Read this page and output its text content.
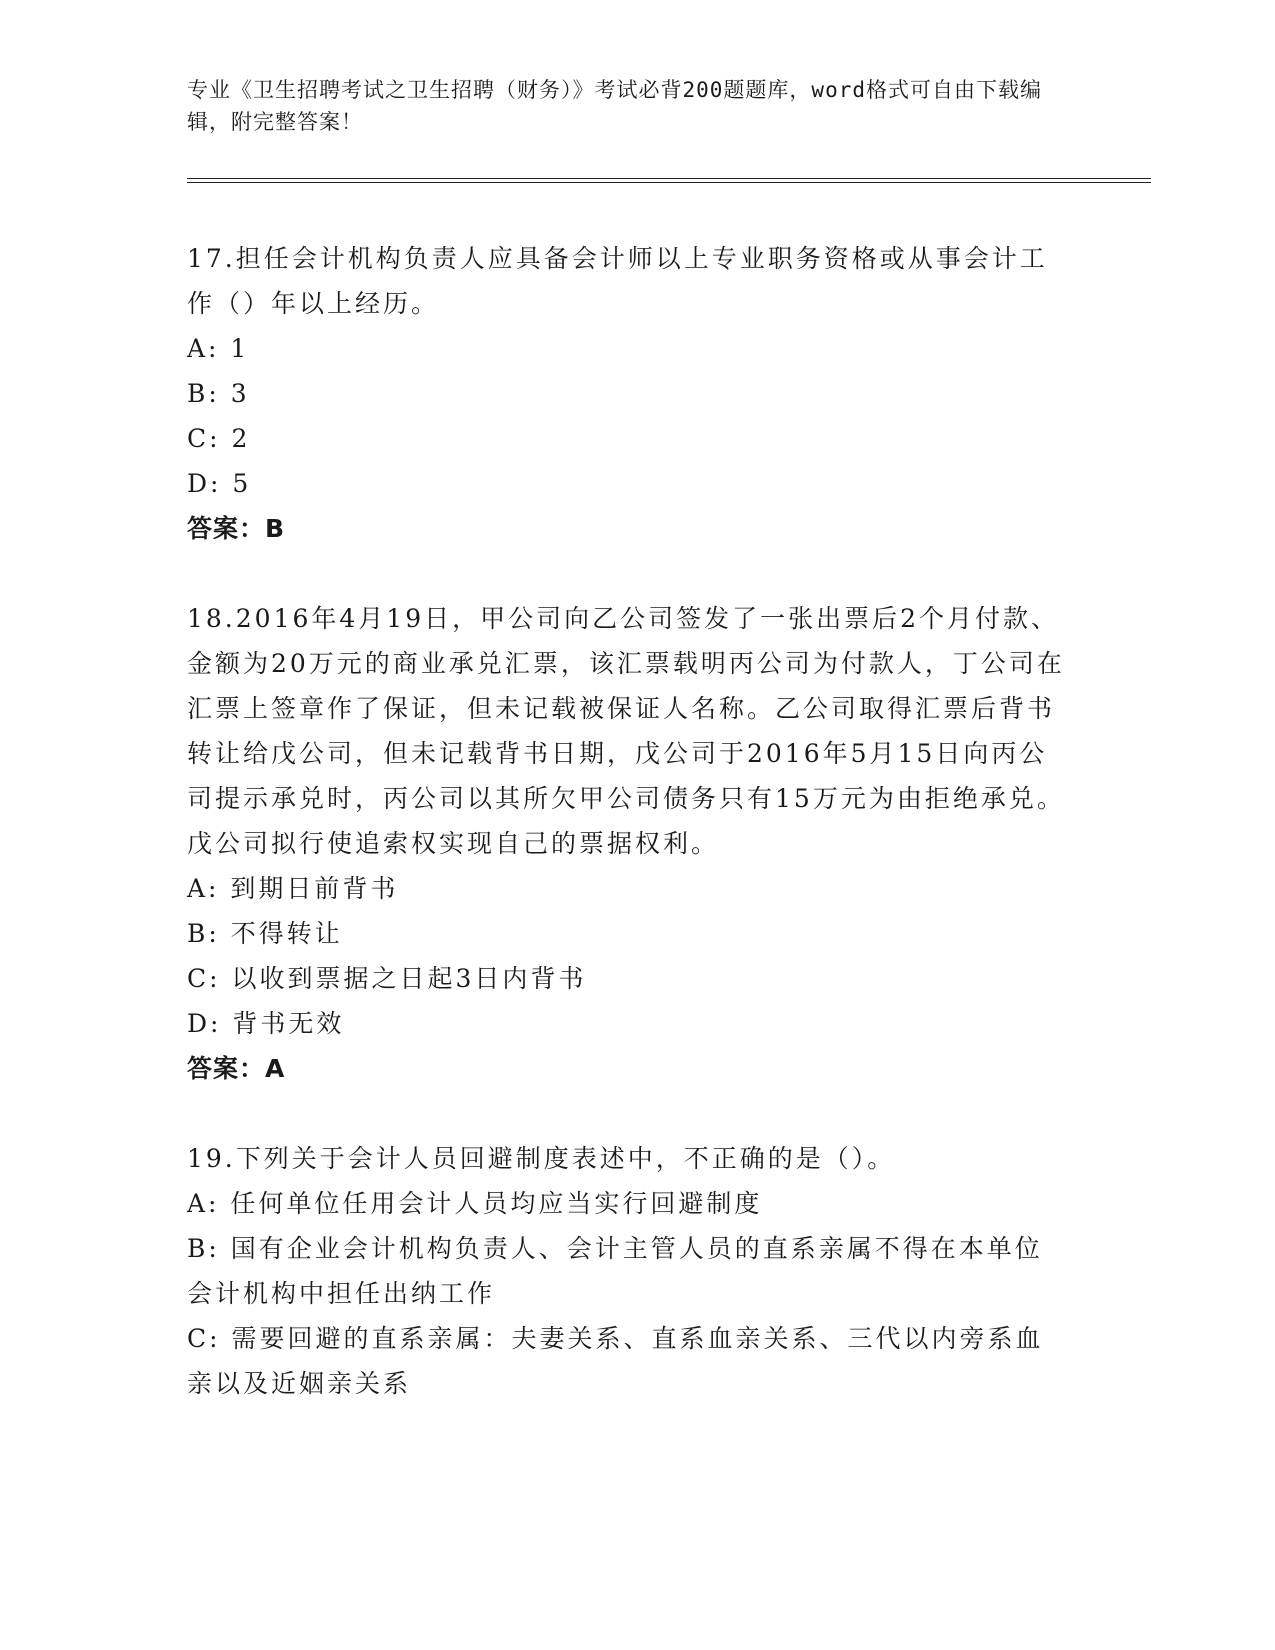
专业《卫生招聘考试之卫生招聘（财务）》考试必背200题题库，word格式可自由下载编辑，附完整答案！

17.担任会计机构负责人应具备会计师以上专业职务资格或从事会计工作（）年以上经历。

A: 1

B: 3

C: 2

D: 5

答案：B

18.2016年4月19日，甲公司向乙公司签发了一张出票后2个月付款、金额为20万元的商业承兑汇票，该汇票载明丙公司为付款人，丁公司在汇票上签章作了保证，但未记载被保证人名称。乙公司取得汇票后背书转让给戊公司，但未记载背书日期，戊公司于2016年5月15日向丙公司提示承兑时，丙公司以其所欠甲公司债务只有15万元为由拒绝承兑。戊公司拟行使追索权实现自己的票据权利。

A: 到期日前背书

B: 不得转让

C: 以收到票据之日起3日内背书

D: 背书无效

答案：A

19.下列关于会计人员回避制度表述中，不正确的是（）。

A: 任何单位任用会计人员均应当实行回避制度

B: 国有企业会计机构负责人、会计主管人员的直系亲属不得在本单位会计机构中担任出纳工作

C: 需要回避的直系亲属：夫妻关系、直系血亲关系、三代以内旁系血亲以及近姻亲关系
